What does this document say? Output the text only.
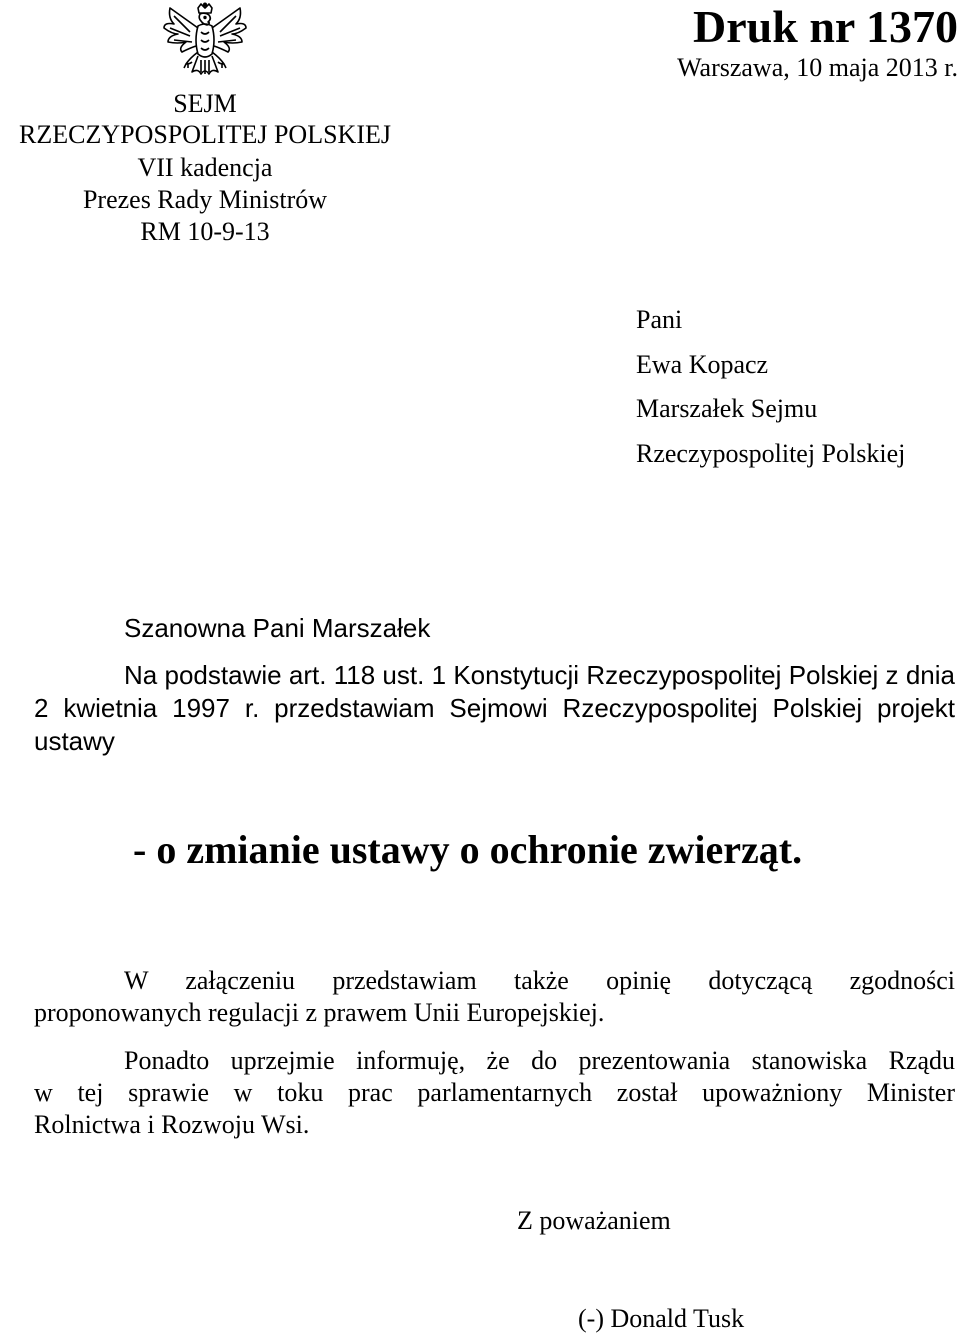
SEJM
RZECZYPOSPOLITEJ POLSKIEJ
VII kadencja
Prezes Rady Ministrów
RM 10-9-13
Druk nr 1370
Warszawa, 10 maja 2013 r.
Pani
Ewa Kopacz
Marszałek Sejmu
Rzeczypospolitej Polskiej
Szanowna Pani Marszałek
Na podstawie art. 118 ust. 1 Konstytucji Rzeczypospolitej Polskiej z dnia
2 kwietnia 1997 r. przedstawiam Sejmowi Rzeczypospolitej Polskiej projekt
ustawy
- o zmianie ustawy o ochronie zwierząt.
W załączeniu przedstawiam także opinię dotyczącą zgodności
proponowanych regulacji z prawem Unii Europejskiej.
Ponadto uprzejmie informuję, że do prezentowania stanowiska Rządu
w tej sprawie w toku prac parlamentarnych został upoważniony Minister
Rolnictwa i Rozwoju Wsi.
Z poważaniem
(-) Donald Tusk
